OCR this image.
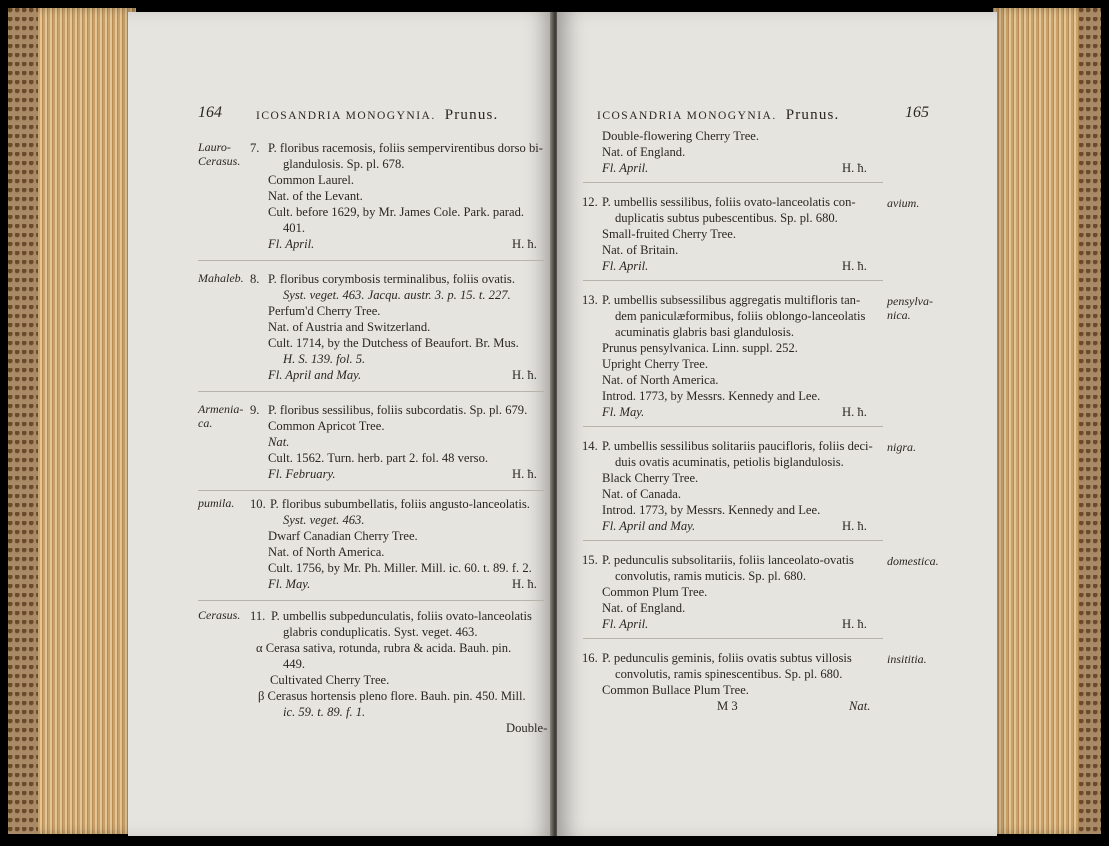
164	ICOSANDRIA MONOGYNIA. Prunus.
Lauro-
Cerasus.
7. P. floribus racemosis, foliis sempervirentibus dorso bi-
glandulosis. Sp. pl. 678.
Common Laurel.
Nat. of the Levant.
Cult. before 1629, by Mr. James Cole. Park. parad.
401.
Fl. April.	H. ħ.
Mahaleb. 8. P. floribus corymbosis terminalibus, foliis ovatis.
Syst. veget. 463. Jacqu. austr. 3. p. 15. t. 227.
Perfum'd Cherry Tree.
Nat. of Austria and Switzerland.
Cult. 1714, by the Dutchess of Beaufort. Br. Mus.
H. S. 139. fol. 5.
Fl. April and May.	H. ħ.
Armenia-
ca.
9. P. floribus sessilibus, foliis subcordatis. Sp. pl. 679.
Common Apricot Tree.
Nat.
Cult. 1562. Turn. herb. part 2. fol. 48 verso.
Fl. February.	H. ħ.
pumila. 10. P. floribus subumbellatis, foliis angusto-lanceolatis.
Syst. veget. 463.
Dwarf Canadian Cherry Tree.
Nat. of North America.
Cult. 1756, by Mr. Ph. Miller. Mill. ic. 60. t. 89. f. 2.
Fl. May.	H. ħ.
Cerasus. 11. P. umbellis subpedunculatis, foliis ovato-lanceolatis
glabris conduplicatis. Syst. veget. 463.
α Cerasa sativa, rotunda, rubra & acida. Bauh. pin.
449.
Cultivated Cherry Tree.
β Cerasus hortensis pleno flore. Bauh. pin. 450. Mill.
ic. 59. t. 89. f. 1.
Double-
ICOSANDRIA MONOGYNIA. Prunus.	165
Double-flowering Cherry Tree.
Nat. of England.
Fl. April.	H. ħ.
12. P. umbellis sessilibus, foliis ovato-lanceolatis con-
duplicatis subtus pubescentibus. Sp. pl. 680.
Small-fruited Cherry Tree.
Nat. of Britain.
Fl. April.	H. ħ.
avium.
13. P. umbellis subsessilibus aggregatis multifloris tan-
dem paniculæformibus, foliis oblongo-lanceolatis
acuminatis glabris basi glandulosis.
Prunus pensylvanica. Linn. suppl. 252.
Upright Cherry Tree.
Nat. of North America.
Introd. 1773, by Messrs. Kennedy and Lee.
Fl. May.	H. ħ.
pensylva-
nica.
14. P. umbellis sessilibus solitariis paucifloris, foliis deci-
duis ovatis acuminatis, petiolis biglandulosis.
Black Cherry Tree.
Nat. of Canada.
Introd. 1773, by Messrs. Kennedy and Lee.
Fl. April and May.	H. ħ.
nigra.
15. P. pedunculis subsolitariis, foliis lanceolato-ovatis
convolutis, ramis muticis. Sp. pl. 680.
Common Plum Tree.
Nat. of England.
Fl. April.	H. ħ.
domestica.
16. P. pedunculis geminis, foliis ovatis subtus villosis
convolutis, ramis spinescentibus. Sp. pl. 680.
Common Bullace Plum Tree.
insititia.
M 3	Nat.
